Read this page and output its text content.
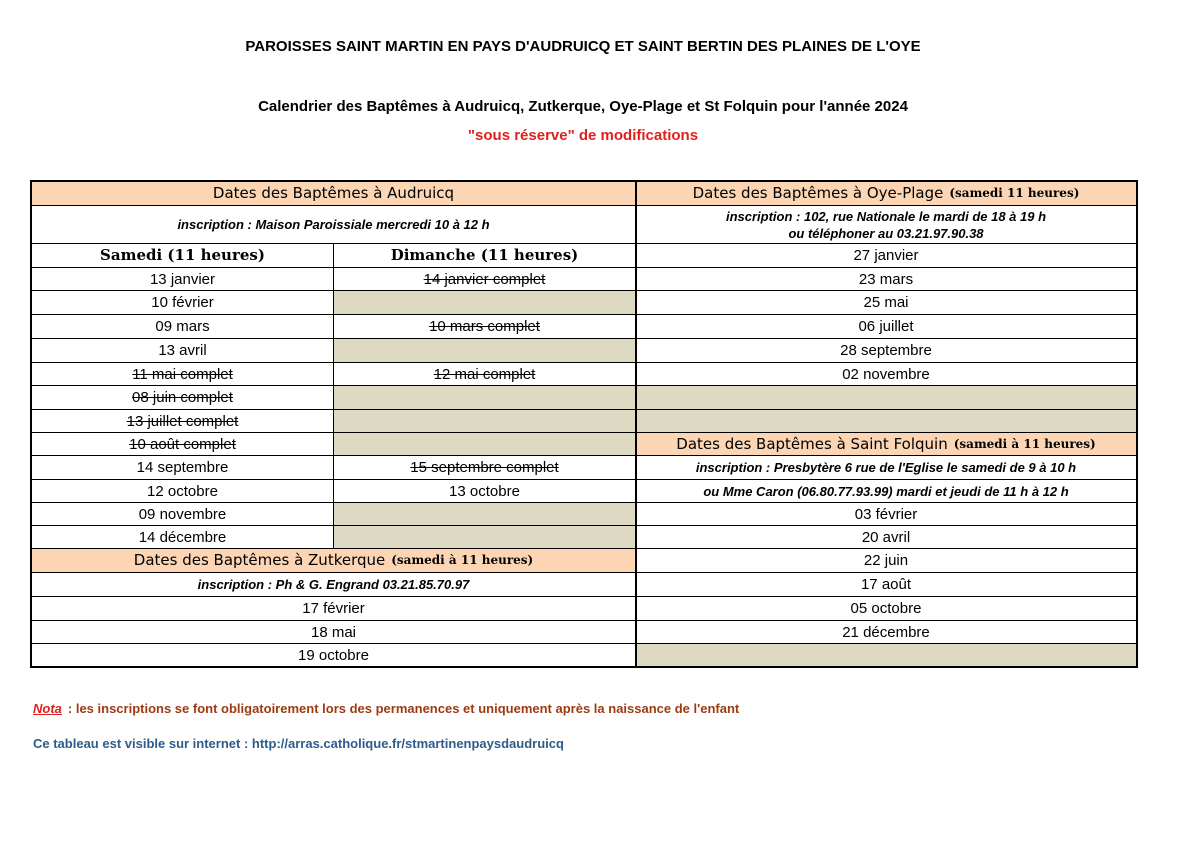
PAROISSES SAINT MARTIN EN PAYS D'AUDRUICQ ET SAINT BERTIN DES PLAINES DE L'OYE
Calendrier des Baptêmes à Audruicq, Zutkerque, Oye-Plage et St Folquin pour l'année 2024
"sous réserve" de modifications
Dates des Baptêmes à Audruicq
inscription : Maison Paroissiale mercredi 10 à 12 h
Samedi (11 heures)	Dimanche (11 heures)
13 janvier	14 janvier complet
10 février
09 mars	10 mars complet
13 avril
11 mai complet	12 mai complet
08 juin complet
13 juillet complet
10 août complet
14 septembre	15 septembre complet
12 octobre	13 octobre
09 novembre
14 décembre
Dates des Baptêmes à Zutkerque (samedi à 11 heures)
inscription : Ph & G. Engrand 03.21.85.70.97
17 février
18 mai
19 octobre
Dates des Baptêmes à Oye-Plage (samedi 11 heures)
inscription : 102, rue Nationale le mardi de 18 à 19 h
ou téléphoner au 03.21.97.90.38
27 janvier
23 mars
25 mai
06 juillet
28 septembre
02 novembre
Dates des Baptêmes à Saint Folquin (samedi à 11 heures)
inscription : Presbytère 6 rue de l'Eglise le samedi de 9 à 10 h
ou Mme Caron (06.80.77.93.99) mardi et jeudi de 11 h à 12 h
03 février
20 avril
22 juin
17 août
05 octobre
21 décembre
Nota : les inscriptions se font obligatoirement lors des permanences et uniquement après la naissance de l'enfant
Ce tableau est visible sur internet : http://arras.catholique.fr/stmartinenpaysdaudruicq
